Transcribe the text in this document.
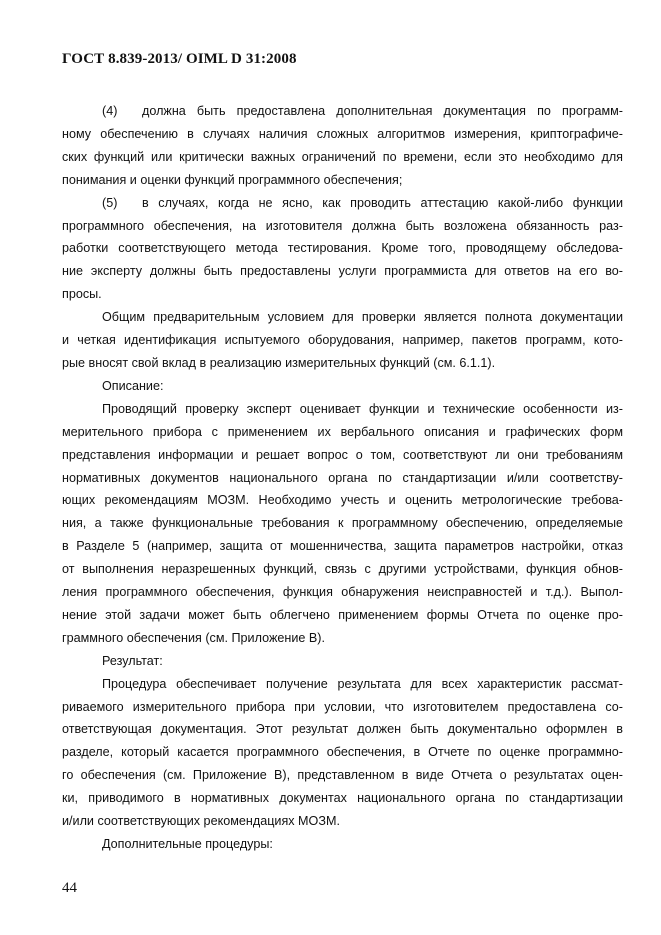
ГОСТ 8.839-2013/ OIML D 31:2008
(4) должна быть предоставлена дополнительная документация по программ-
ному обеспечению в случаях наличия сложных алгоритмов измерения, криптографиче-
ских функций или критически важных ограничений по времени, если это необходимо для
понимания и оценки функций программного обеспечения;
(5) в случаях, когда не ясно, как проводить аттестацию какой-либо функции
программного обеспечения, на изготовителя должна быть возложена обязанность раз-
работки соответствующего метода тестирования. Кроме того, проводящему обследова-
ние эксперту должны быть предоставлены услуги программиста для ответов на его во-
просы.
Общим предварительным условием для проверки является полнота документации
и четкая идентификация испытуемого оборудования, например, пакетов программ, кото-
рые вносят свой вклад в реализацию измерительных функций (см. 6.1.1).
Описание:
Проводящий проверку эксперт оценивает функции и технические особенности из-
мерительного прибора с применением их вербального описания и графических форм
представления информации и решает вопрос о том, соответствуют ли они требованиям
нормативных документов национального органа по стандартизации и/или соответству-
ющих рекомендациям МОЗМ. Необходимо учесть и оценить метрологические требова-
ния, а также функциональные требования к программному обеспечению, определяемые
в Разделе 5 (например, защита от мошенничества, защита параметров настройки, отказ
от выполнения неразрешенных функций, связь с другими устройствами, функция обнов-
ления программного обеспечения, функция обнаружения неисправностей и т.д.). Выпол-
нение этой задачи может быть облегчено применением формы Отчета по оценке про-
граммного обеспечения (см. Приложение В).
Результат:
Процедура обеспечивает получение результата для всех характеристик рассмат-
риваемого измерительного прибора при условии, что изготовителем предоставлена со-
ответствующая документация. Этот результат должен быть документально оформлен в
разделе, который касается программного обеспечения, в Отчете по оценке программно-
го обеспечения (см. Приложение В), представленном в виде Отчета о результатах оцен-
ки, приводимого в нормативных документах национального органа по стандартизации
и/или соответствующих рекомендациях МОЗМ.
Дополнительные процедуры:
44
